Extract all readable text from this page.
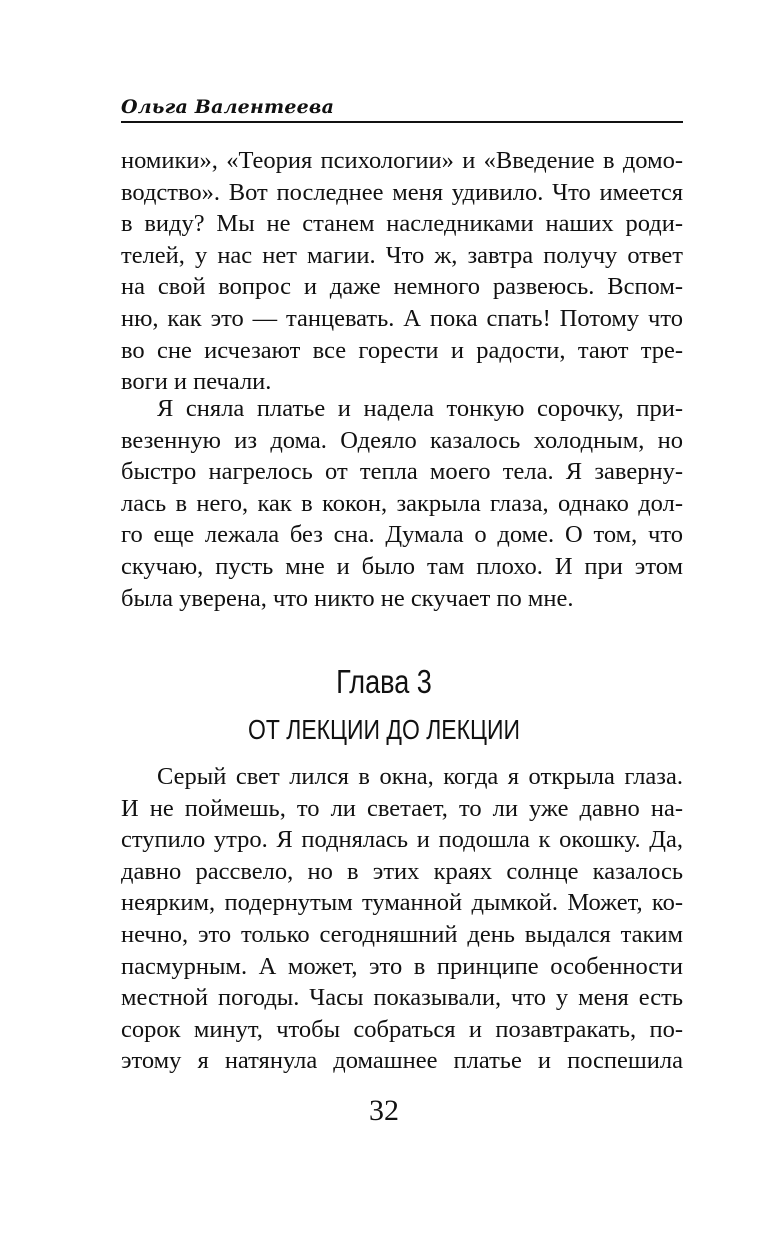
Ольга Валентеева
номики», «Теория психологии» и «Введение в домо-
водство». Вот последнее меня удивило. Что имеется
в виду? Мы не станем наследниками наших роди-
телей, у нас нет магии. Что ж, завтра получу ответ
на свой вопрос и даже немного развеюсь. Вспом-
ню, как это — танцевать. А пока спать! Потому что
во сне исчезают все горести и радости, тают тре-
воги и печали.
Я сняла платье и надела тонкую сорочку, при-
везенную из дома. Одеяло казалось холодным, но
быстро нагрелось от тепла моего тела. Я заверну-
лась в него, как в кокон, закрыла глаза, однако дол-
го еще лежала без сна. Думала о доме. О том, что
скучаю, пусть мне и было там плохо. И при этом
была уверена, что никто не скучает по мне.
Глава 3
ОТ ЛЕКЦИИ ДО ЛЕКЦИИ
Серый свет лился в окна, когда я открыла глаза.
И не поймешь, то ли светает, то ли уже давно на-
ступило утро. Я поднялась и подошла к окошку. Да,
давно рассвело, но в этих краях солнце казалось
неярким, подернутым туманной дымкой. Может, ко-
нечно, это только сегодняшний день выдался таким
пасмурным. А может, это в принципе особенности
местной погоды. Часы показывали, что у меня есть
сорок минут, чтобы собраться и позавтракать, по-
этому я натянула домашнее платье и поспешила
32
